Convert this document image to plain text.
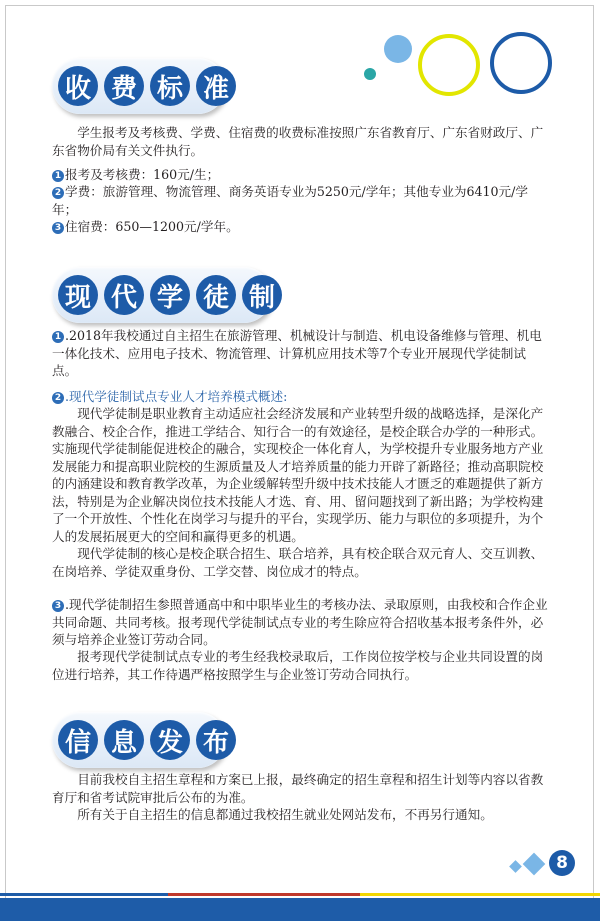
收 费 标 准

学生报考及考核费、学费、住宿费的收费标准按照广东省教育厅、广东省财政厅、广东省物价局有关文件执行。

1 报考及考核费：160元/生；

2 学费：旅游管理、物流管理、商务英语专业为5250元/学年；其他专业为6410元/学年；

3 住宿费：650—1200元/学年。

现 代 学 徒 制

1 .2018年我校通过自主招生在旅游管理、机械设计与制造、机电设备维修与管理、机电一体化技术、应用电子技术、物流管理、计算机应用技术等7个专业开展现代学徒制试点。

2 .现代学徒制试点专业人才培养模式概述:

现代学徒制是职业教育主动适应社会经济发展和产业转型升级的战略选择，是深化产教融合、校企合作，推进工学结合、知行合一的有效途径，是校企联合办学的一种形式。实施现代学徒制能促进校企的融合，实现校企一体化育人，为学校提升专业服务地方产业发展能力和提高职业院校的生源质量及人才培养质量的能力开辟了新路径；推动高职院校的内涵建设和教育教学改革，为企业缓解转型升级中技术技能人才匮乏的难题提供了新方法，特别是为企业解决岗位技术技能人才选、育、用、留问题找到了新出路；为学校构建了一个开放性、个性化在岗学习与提升的平台，实现学历、能力与职位的多项提升，为个人的发展拓展更大的空间和赢得更多的机遇。

现代学徒制的核心是校企联合招生、联合培养，具有校企联合双元育人、交互训教、在岗培养、学徒双重身份、工学交替、岗位成才的特点。

3 .现代学徒制招生参照普通高中和中职毕业生的考核办法、录取原则，由我校和合作企业共同命题、共同考核。报考现代学徒制试点专业的考生除应符合招收基本报考条件外，必须与培养企业签订劳动合同。

报考现代学徒制试点专业的考生经我校录取后，工作岗位按学校与企业共同设置的岗位进行培养，其工作待遇严格按照学生与企业签订劳动合同执行。

信 息 发 布

目前我校自主招生章程和方案已上报，最终确定的招生章程和招生计划等内容以省教育厅和省考试院审批后公布的为准。

所有关于自主招生的信息都通过我校招生就业处网站发布，不再另行通知。

8
